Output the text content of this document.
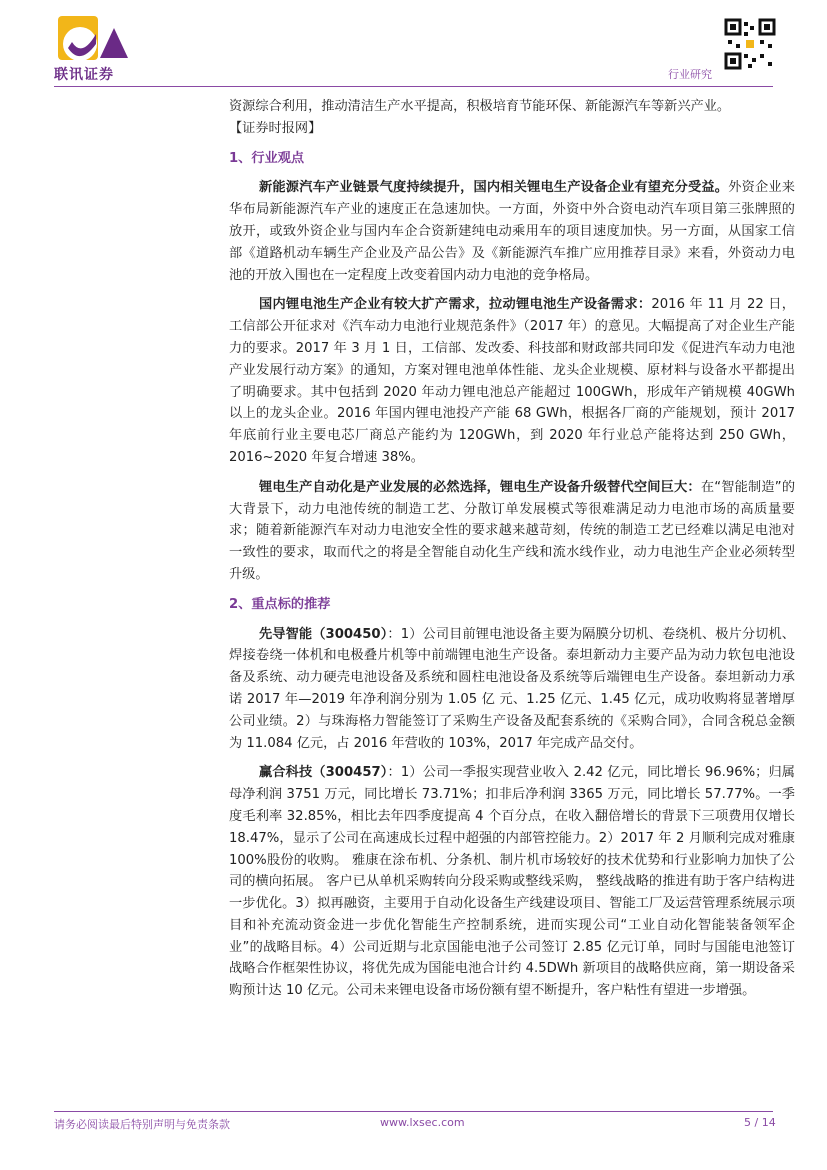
联讯证券	行业研究

资源综合利用，推动清洁生产水平提高，积极培育节能环保、新能源汽车等新兴产业。

【证券时报网】

1、行业观点

新能源汽车产业链景气度持续提升，国内相关锂电生产设备企业有望充分受益。外资企业来华布局新能源汽车产业的速度正在急速加快。一方面，外资中外合资电动汽车项目第三张牌照的放开，或致外资企业与国内车企合资新建纯电动乘用车的项目速度加快。另一方面，从国家工信部《道路机动车辆生产企业及产品公告》及《新能源汽车推广应用推荐目录》来看，外资动力电池的开放入围也在一定程度上改变着国内动力电池的竞争格局。

国内锂电池生产企业有较大扩产需求，拉动锂电池生产设备需求：2016 年 11 月 22 日， 工信部公开征求对《汽车动力电池行业规范条件》（2017 年）的意见。大幅提高了对企业生产能力的要求。2017 年 3 月 1 日，工信部、发改委、科技部和财政部共同印发《促进汽车动力电池产业发展行动方案》的通知，方案对锂电池单体性能、龙头企业规模、原材料与设备水平都提出了明确要求。其中包括到 2020 年动力锂电池总产能超过 100GWh，形成年产销规模 40GWh 以上的龙头企业。2016 年国内锂电池投产产能 68 GWh，根据各厂商的产能规划，预计 2017 年底前行业主要电芯厂商总产能约为 120GWh，到 2020 年行业总产能将达到 250 GWh，2016~2020 年复合增速 38%。

锂电生产自动化是产业发展的必然选择，锂电生产设备升级替代空间巨大：在“智能制造”的大背景下，动力电池传统的制造工艺、分散订单发展模式等很难满足动力电池市场的高质量要求；随着新能源汽车对动力电池安全性的要求越来越苛刻，传统的制造工艺已经难以满足电池对一致性的要求，取而代之的将是全智能自动化生产线和流水线作业，动力电池生产企业必须转型升级。

2、重点标的推荐

先导智能（300450）：1）公司目前锂电池设备主要为隔膜分切机、卷绕机、极片分切机、焊接卷绕一体机和电极叠片机等中前端锂电池生产设备。泰坦新动力主要产品为动力软包电池设备及系统、动力硬壳电池设备及系统和圆柱电池设备及系统等后端锂电生产设备。泰坦新动力承诺 2017 年—2019 年净利润分别为 1.05 亿 元、1.25 亿元、1.45 亿元，成功收购将显著增厚公司业绩。2）与珠海格力智能签订了采购生产设备及配套系统的《采购合同》，合同含税总金额为 11.084 亿元，占 2016 年营收的 103%，2017 年完成产品交付。

赢合科技（300457）：1）公司一季报实现营业收入 2.42 亿元，同比增长 96.96%；归属母净利润 3751 万元，同比增长 73.71%；扣非后净利润 3365 万元，同比增长 57.77%。一季度毛利率 32.85%，相比去年四季度提高 4 个百分点，在收入翻倍增长的背景下三项费用仅增长 18.47%，显示了公司在高速成长过程中超强的内部管控能力。2）2017 年 2 月顺利完成对雅康 100%股份的收购。 雅康在涂布机、分条机、制片机市场较好的技术优势和行业影响力加快了公司的横向拓展。 客户已从单机采购转向分段采购或整线采购， 整线战略的推进有助于客户结构进一步优化。3）拟再融资，主要用于自动化设备生产线建设项目、智能工厂及运营管理系统展示项目和补充流动资金进一步优化智能生产控制系统，进而实现公司“工业自动化智能装备领军企业”的战略目标。4）公司近期与北京国能电池子公司签订 2.85 亿元订单，同时与国能电池签订战略合作框架性协议，将优先成为国能电池合计约 4.5DWh 新项目的战略供应商，第一期设备采购预计达 10 亿元。公司未来锂电设备市场份额有望不断提升，客户粘性有望进一步增强。

请务必阅读最后特别声明与免责条款	www.lxsec.com	5 / 14
